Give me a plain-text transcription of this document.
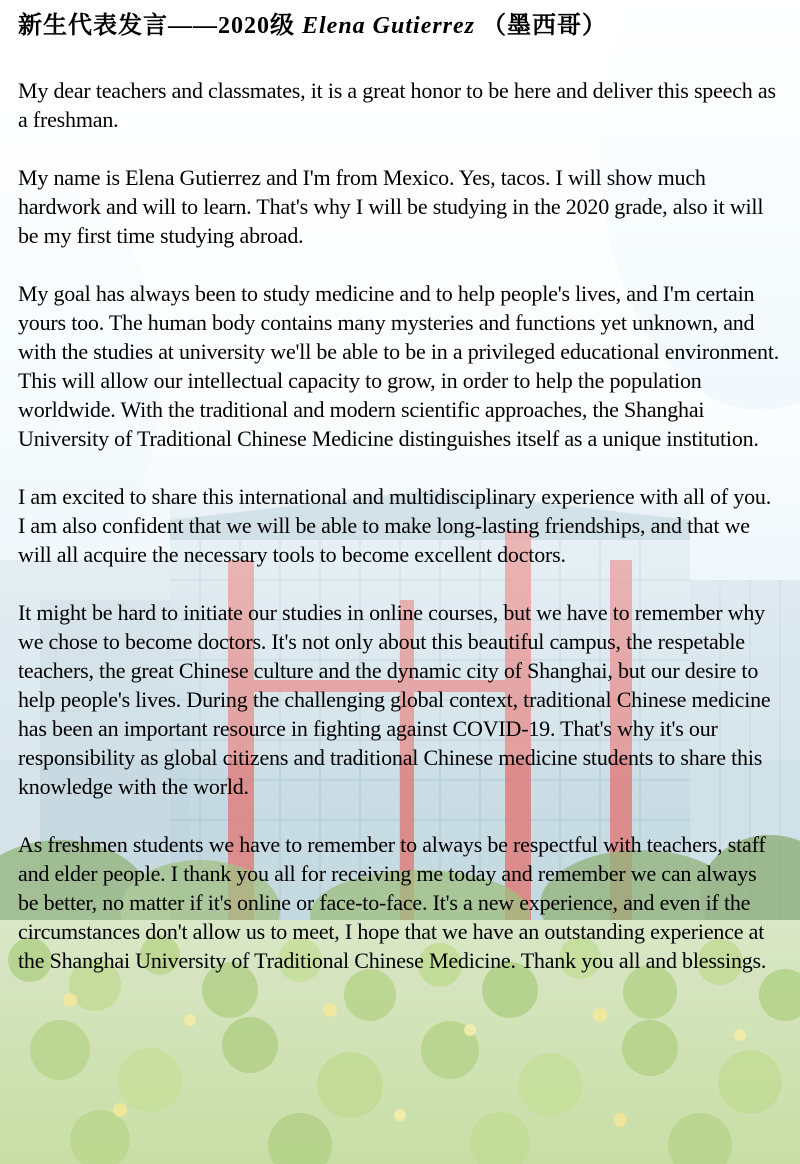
新生代表发言——2020级 Elena Gutierrez （墨西哥）

My dear teachers and classmates, it is a great honor to be here and deliver this speech as a freshman.

My name is Elena Gutierrez and I'm from Mexico. Yes, tacos. I will show much hardwork and will to learn. That's why I will be studying in the 2020 grade, also it will be my first time studying abroad.

My goal has always been to study medicine and to help people's lives, and I'm certain yours too. The human body contains many mysteries and functions yet unknown, and with the studies at university we'll be able to be in a privileged educational environment. This will allow our intellectual capacity to grow, in order to help the population worldwide. With the traditional and modern scientific approaches, the Shanghai University of Traditional Chinese Medicine distinguishes itself as a unique institution.

I am excited to share this international and multidisciplinary experience with all of you. I am also confident that we will be able to make long-lasting friendships, and that we will all acquire the necessary tools to become excellent doctors.

It might be hard to initiate our studies in online courses, but we have to remember why we chose to become doctors. It's not only about this beautiful campus, the respetable teachers, the great Chinese culture and the dynamic city of Shanghai, but our desire to help people's lives. During the challenging global context, traditional Chinese medicine has been an important resource in fighting against COVID-19. That's why it's our responsibility as global citizens and traditional Chinese medicine students to share this knowledge with the world.

As freshmen students we have to remember to always be respectful with teachers, staff and elder people. I thank you all for receiving me today and remember we can always be better, no matter if it's online or face-to-face. It's a new experience, and even if the circumstances don't allow us to meet, I hope that we have an outstanding experience at the Shanghai University of Traditional Chinese Medicine. Thank you all and blessings.
